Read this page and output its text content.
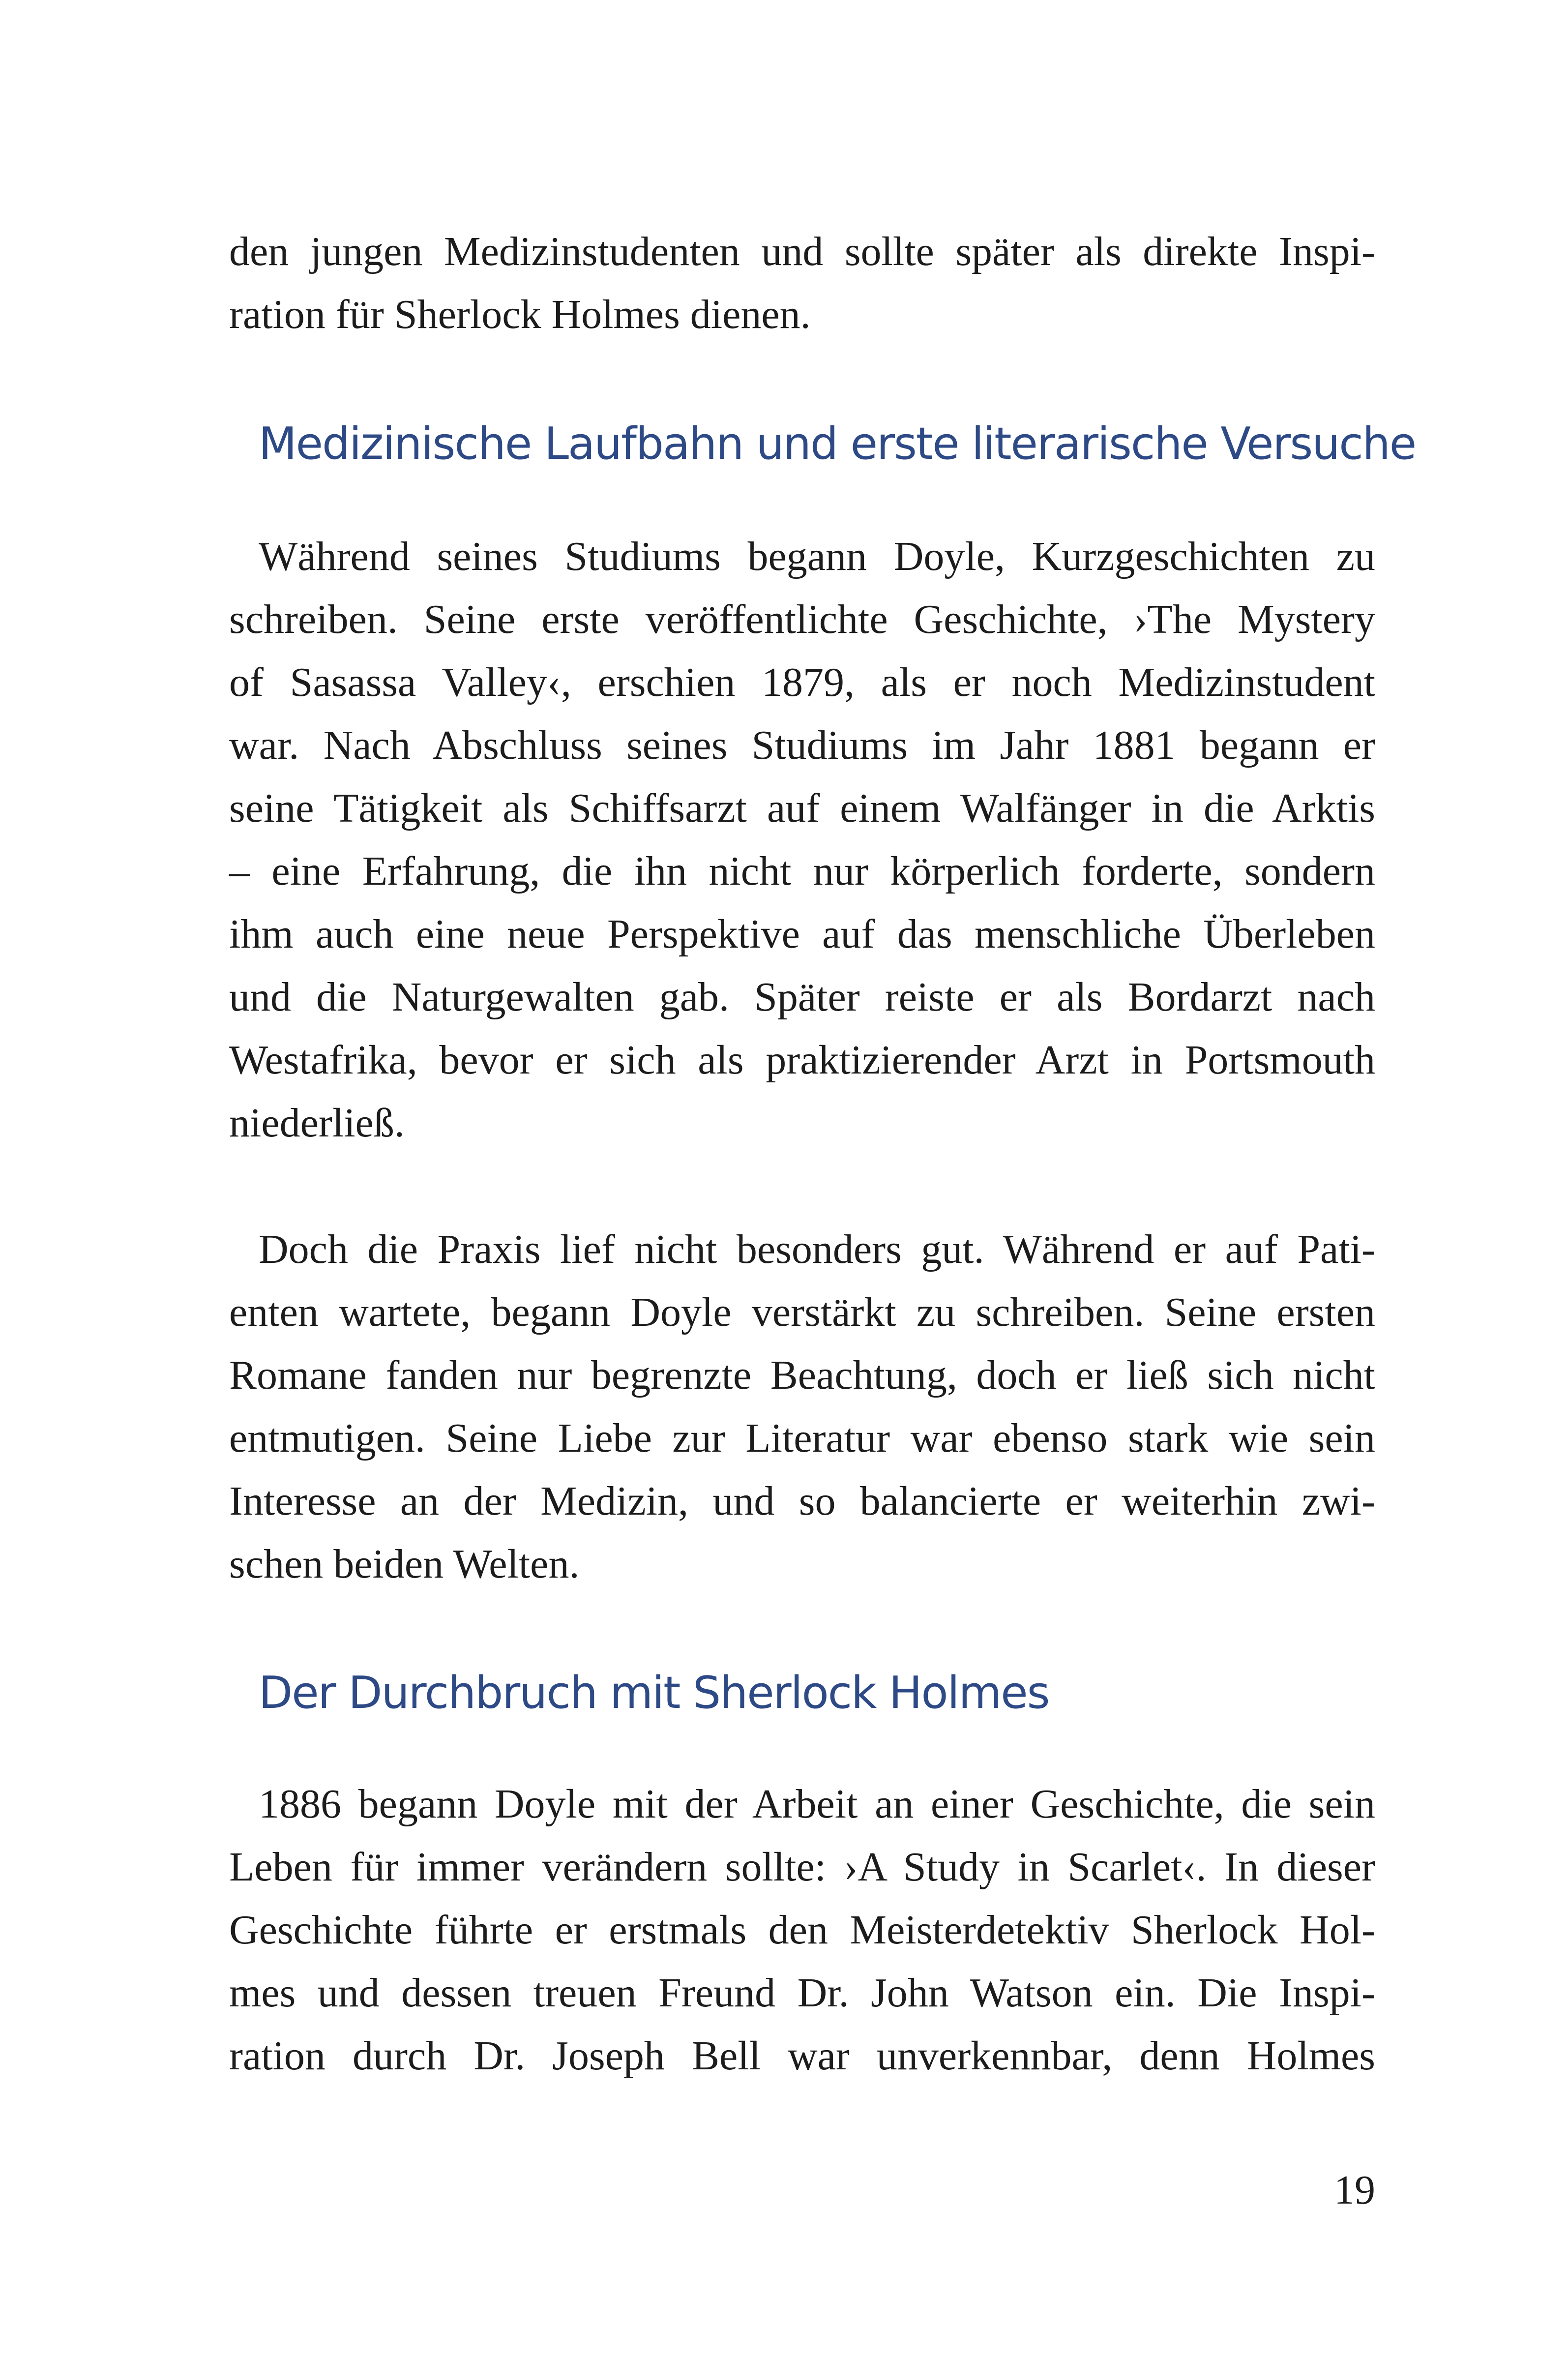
den jungen Medizinstudenten und sollte später als direkte Inspi-
ration für Sherlock Holmes dienen.
Medizinische Laufbahn und erste literarische Versuche
Während seines Studiums begann Doyle, Kurzgeschichten zu
schreiben. Seine erste veröffentlichte Geschichte, ›The Mystery
of Sasassa Valley‹, erschien 1879, als er noch Medizinstudent
war. Nach Abschluss seines Studiums im Jahr 1881 begann er
seine Tätigkeit als Schiffsarzt auf einem Walfänger in die Arktis
– eine Erfahrung, die ihn nicht nur körperlich forderte, sondern
ihm auch eine neue Perspektive auf das menschliche Überleben
und die Naturgewalten gab. Später reiste er als Bordarzt nach
Westafrika, bevor er sich als praktizierender Arzt in Portsmouth
niederließ.
Doch die Praxis lief nicht besonders gut. Während er auf Pati-
enten wartete, begann Doyle verstärkt zu schreiben. Seine ersten
Romane fanden nur begrenzte Beachtung, doch er ließ sich nicht
entmutigen. Seine Liebe zur Literatur war ebenso stark wie sein
Interesse an der Medizin, und so balancierte er weiterhin zwi-
schen beiden Welten.
Der Durchbruch mit Sherlock Holmes
1886 begann Doyle mit der Arbeit an einer Geschichte, die sein
Leben für immer verändern sollte: ›A Study in Scarlet‹. In dieser
Geschichte führte er erstmals den Meisterdetektiv Sherlock Hol-
mes und dessen treuen Freund Dr. John Watson ein. Die Inspi-
ration durch Dr. Joseph Bell war unverkennbar, denn Holmes
19
